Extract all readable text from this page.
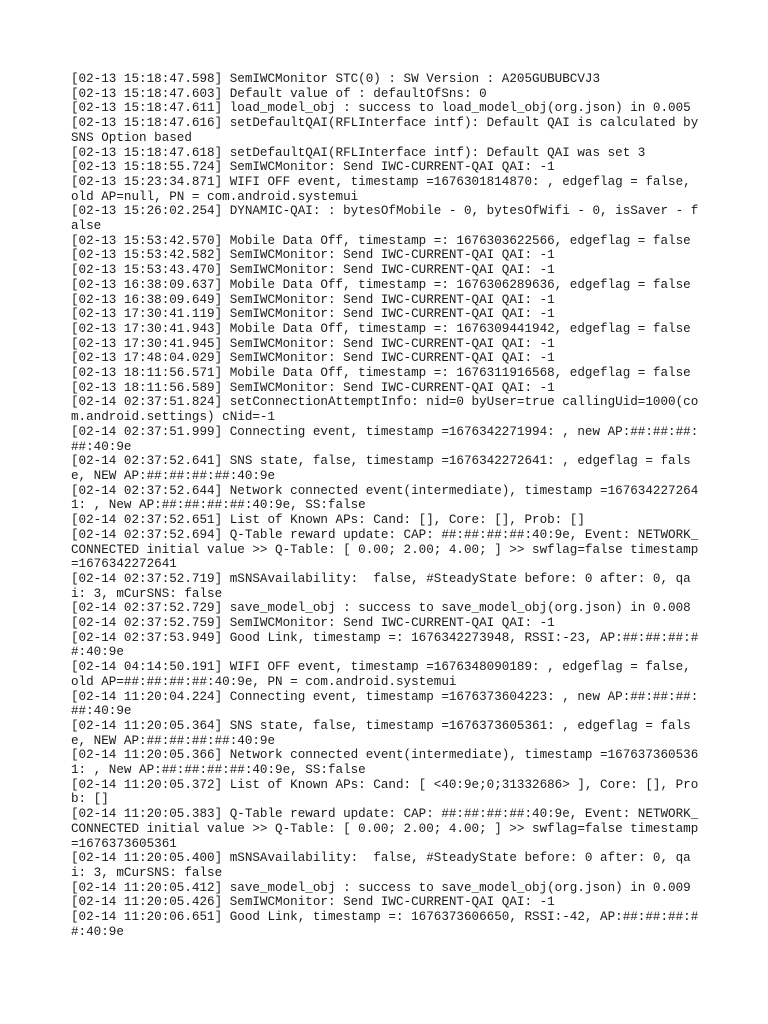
[02-13 15:18:47.598] SemIWCMonitor STC(0) : SW Version : A205GUBUBCVJ3
[02-13 15:18:47.603] Default value of : defaultOfSns: 0
[02-13 15:18:47.611] load_model_obj : success to load_model_obj(org.json) in 0.005
[02-13 15:18:47.616] setDefaultQAI(RFLInterface intf): Default QAI is calculated by SNS Option based
[02-13 15:18:47.618] setDefaultQAI(RFLInterface intf): Default QAI was set 3
[02-13 15:18:55.724] SemIWCMonitor: Send IWC-CURRENT-QAI QAI: -1
[02-13 15:23:34.871] WIFI OFF event, timestamp =1676301814870: , edgeflag = false, old AP=null, PN = com.android.systemui
[02-13 15:26:02.254] DYNAMIC-QAI: : bytesOfMobile - 0, bytesOfWifi - 0, isSaver - false
[02-13 15:53:42.570] Mobile Data Off, timestamp =: 1676303622566, edgeflag = false
[02-13 15:53:42.582] SemIWCMonitor: Send IWC-CURRENT-QAI QAI: -1
[02-13 15:53:43.470] SemIWCMonitor: Send IWC-CURRENT-QAI QAI: -1
[02-13 16:38:09.637] Mobile Data Off, timestamp =: 1676306289636, edgeflag = false
[02-13 16:38:09.649] SemIWCMonitor: Send IWC-CURRENT-QAI QAI: -1
[02-13 17:30:41.119] SemIWCMonitor: Send IWC-CURRENT-QAI QAI: -1
[02-13 17:30:41.943] Mobile Data Off, timestamp =: 1676309441942, edgeflag = false
[02-13 17:30:41.945] SemIWCMonitor: Send IWC-CURRENT-QAI QAI: -1
[02-13 17:48:04.029] SemIWCMonitor: Send IWC-CURRENT-QAI QAI: -1
[02-13 18:11:56.571] Mobile Data Off, timestamp =: 1676311916568, edgeflag = false
[02-13 18:11:56.589] SemIWCMonitor: Send IWC-CURRENT-QAI QAI: -1
[02-14 02:37:51.824] setConnectionAttemptInfo: nid=0 byUser=true callingUid=1000(com.android.settings) cNid=-1
[02-14 02:37:51.999] Connecting event, timestamp =1676342271994: , new AP:##:##:##:##:40:9e
[02-14 02:37:52.641] SNS state, false, timestamp =1676342272641: , edgeflag = false, NEW AP:##:##:##:##:40:9e
[02-14 02:37:52.644] Network connected event(intermediate), timestamp =1676342272641: , New AP:##:##:##:##:40:9e, SS:false
[02-14 02:37:52.651] List of Known APs: Cand: [], Core: [], Prob: []
[02-14 02:37:52.694] Q-Table reward update: CAP: ##:##:##:##:40:9e, Event: NETWORK_CONNECTED initial value >> Q-Table: [ 0.00; 2.00; 4.00; ] >> swflag=false timestamp =1676342272641
[02-14 02:37:52.719] mSNSAvailability:  false, #SteadyState before: 0 after: 0, qai: 3, mCurSNS: false
[02-14 02:37:52.729] save_model_obj : success to save_model_obj(org.json) in 0.008
[02-14 02:37:52.759] SemIWCMonitor: Send IWC-CURRENT-QAI QAI: -1
[02-14 02:37:53.949] Good Link, timestamp =: 1676342273948, RSSI:-23, AP:##:##:##:##:40:9e
[02-14 04:14:50.191] WIFI OFF event, timestamp =1676348090189: , edgeflag = false, old AP=##:##:##:##:40:9e, PN = com.android.systemui
[02-14 11:20:04.224] Connecting event, timestamp =1676373604223: , new AP:##:##:##:##:40:9e
[02-14 11:20:05.364] SNS state, false, timestamp =1676373605361: , edgeflag = false, NEW AP:##:##:##:##:40:9e
[02-14 11:20:05.366] Network connected event(intermediate), timestamp =1676373605361: , New AP:##:##:##:##:40:9e, SS:false
[02-14 11:20:05.372] List of Known APs: Cand: [ <40:9e;0;31332686> ], Core: [], Prob: []
[02-14 11:20:05.383] Q-Table reward update: CAP: ##:##:##:##:40:9e, Event: NETWORK_CONNECTED initial value >> Q-Table: [ 0.00; 2.00; 4.00; ] >> swflag=false timestamp =1676373605361
[02-14 11:20:05.400] mSNSAvailability:  false, #SteadyState before: 0 after: 0, qai: 3, mCurSNS: false
[02-14 11:20:05.412] save_model_obj : success to save_model_obj(org.json) in 0.009
[02-14 11:20:05.426] SemIWCMonitor: Send IWC-CURRENT-QAI QAI: -1
[02-14 11:20:06.651] Good Link, timestamp =: 1676373606650, RSSI:-42, AP:##:##:##:##:40:9e
